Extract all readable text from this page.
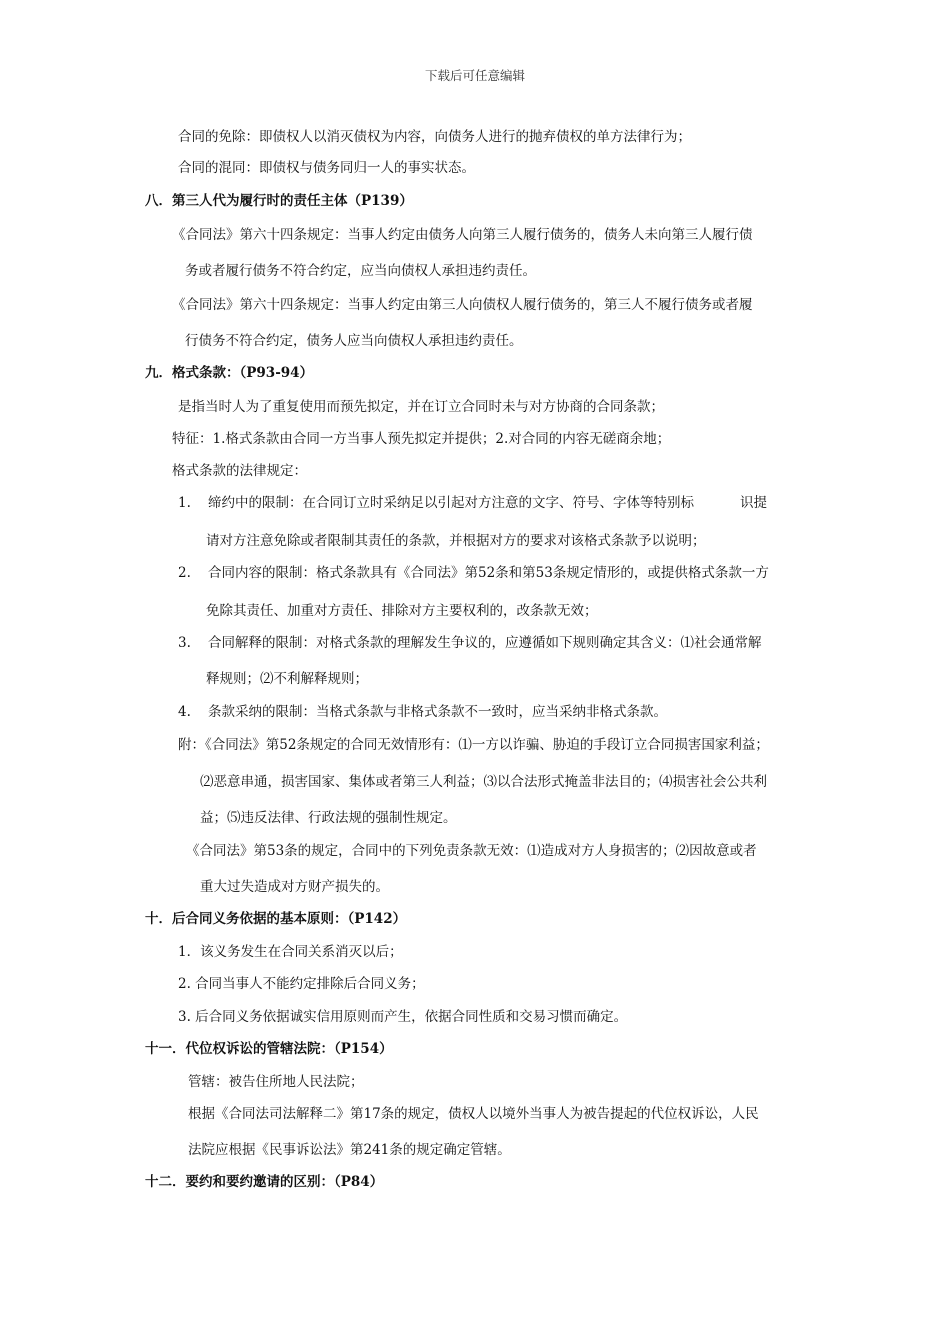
下载后可任意编辑
合同的免除：即债权人以消灭债权为内容，向债务人进行的抛弃债权的单方法律行为；
合同的混同：即债权与债务同归一人的事实状态。
八．第三人代为履行时的责任主体（P139）
《合同法》第六十四条规定：当事人约定由债务人向第三人履行债务的，债务人未向第三人履行债
务或者履行债务不符合约定，应当向债权人承担违约责任。
《合同法》第六十四条规定：当事人约定由第三人向债权人履行债务的，第三人不履行债务或者履
行债务不符合约定，债务人应当向债权人承担违约责任。
九．格式条款：（P93-94）
是指当时人为了重复使用而预先拟定，并在订立合同时未与对方协商的合同条款；
特征：1.格式条款由合同一方当事人预先拟定并提供；2.对合同的内容无磋商余地；
格式条款的法律规定：
1. 缔约中的限制：在合同订立时采纳足以引起对方注意的文字、符号、字体等特别标	识提
请对方注意免除或者限制其责任的条款，并根据对方的要求对该格式条款予以说明；
2. 合同内容的限制：格式条款具有《合同法》第52条和第53条规定情形的，或提供格式条款一方
免除其责任、加重对方责任、排除对方主要权利的，改条款无效；
3. 合同解释的限制：对格式条款的理解发生争议的，应遵循如下规则确定其含义：⑴社会通常解
释规则；⑵不利解释规则；
4. 条款采纳的限制：当格式条款与非格式条款不一致时，应当采纳非格式条款。
附：《合同法》第52条规定的合同无效情形有：⑴一方以诈骗、胁迫的手段订立合同损害国家利益；
⑵恶意串通，损害国家、集体或者第三人利益；⑶以合法形式掩盖非法目的；⑷损害社会公共利
益；⑸违反法律、行政法规的强制性规定。
《合同法》第53条的规定，合同中的下列免责条款无效：⑴造成对方人身损害的；⑵因故意或者
重大过失造成对方财产损失的。
十．后合同义务依据的基本原则：（P142）
1．该义务发生在合同关系消灭以后；
2. 合同当事人不能约定排除后合同义务；
3. 后合同义务依据诚实信用原则而产生，依据合同性质和交易习惯而确定。
十一．代位权诉讼的管辖法院：（P154）
管辖：被告住所地人民法院；
根据《合同法司法解释二》第17条的规定，债权人以境外当事人为被告提起的代位权诉讼，人民
法院应根据《民事诉讼法》第241条的规定确定管辖。
十二．要约和要约邀请的区别：（P84）
